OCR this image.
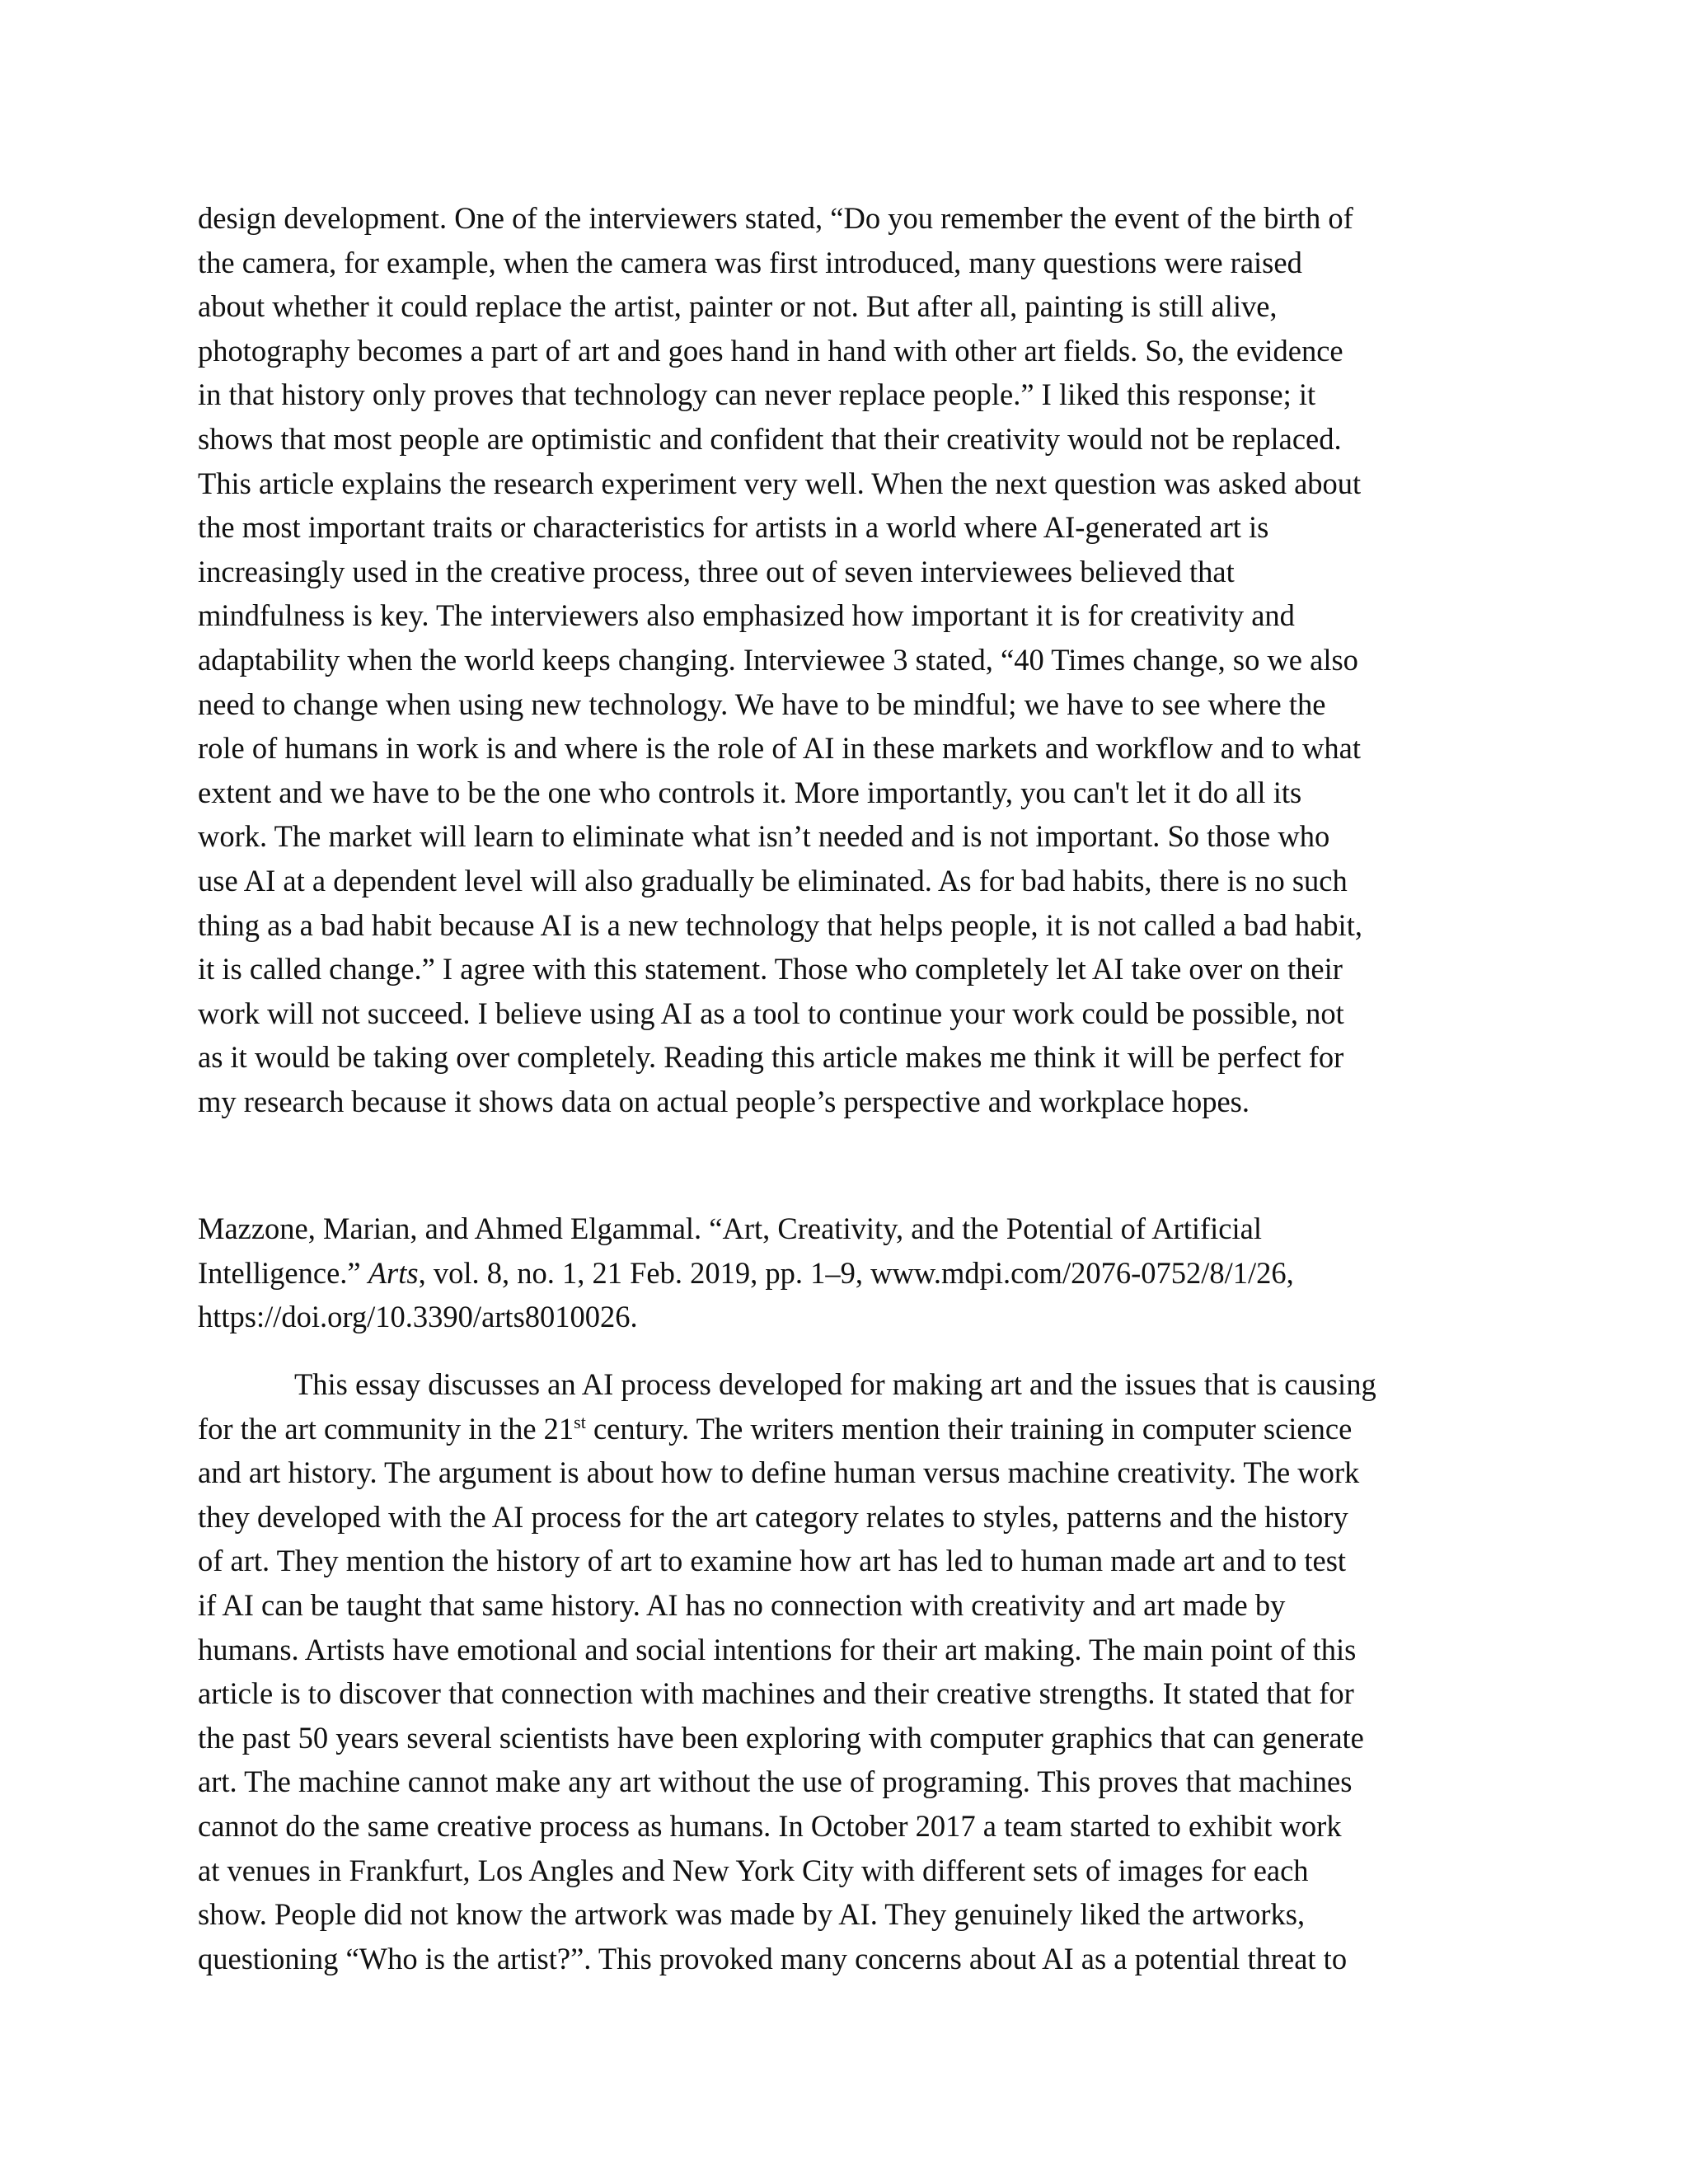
design development. One of the interviewers stated, “Do you remember the event of the birth of
the camera, for example, when the camera was first introduced, many questions were raised
about whether it could replace the artist, painter or not. But after all, painting is still alive,
photography becomes a part of art and goes hand in hand with other art fields. So, the evidence
in that history only proves that technology can never replace people.” I liked this response; it
shows that most people are optimistic and confident that their creativity would not be replaced.
This article explains the research experiment very well. When the next question was asked about
the most important traits or characteristics for artists in a world where AI-generated art is
increasingly used in the creative process, three out of seven interviewees believed that
mindfulness is key. The interviewers also emphasized how important it is for creativity and
adaptability when the world keeps changing. Interviewee 3 stated, “40 Times change, so we also
need to change when using new technology. We have to be mindful; we have to see where the
role of humans in work is and where is the role of AI in these markets and workflow and to what
extent and we have to be the one who controls it. More importantly, you can't let it do all its
work. The market will learn to eliminate what isn’t needed and is not important. So those who
use AI at a dependent level will also gradually be eliminated. As for bad habits, there is no such
thing as a bad habit because AI is a new technology that helps people, it is not called a bad habit,
it is called change.” I agree with this statement. Those who completely let AI take over on their
work will not succeed. I believe using AI as a tool to continue your work could be possible, not
as it would be taking over completely. Reading this article makes me think it will be perfect for
my research because it shows data on actual people’s perspective and workplace hopes.

Mazzone, Marian, and Ahmed Elgammal. “Art, Creativity, and the Potential of Artificial
Intelligence.” Arts, vol. 8, no. 1, 21 Feb. 2019, pp. 1–9, www.mdpi.com/2076-0752/8/1/26,
https://doi.org/10.3390/arts8010026.

This essay discusses an AI process developed for making art and the issues that is causing
for the art community in the 21st century. The writers mention their training in computer science
and art history. The argument is about how to define human versus machine creativity. The work
they developed with the AI process for the art category relates to styles, patterns and the history
of art. They mention the history of art to examine how art has led to human made art and to test
if AI can be taught that same history. AI has no connection with creativity and art made by
humans. Artists have emotional and social intentions for their art making. The main point of this
article is to discover that connection with machines and their creative strengths. It stated that for
the past 50 years several scientists have been exploring with computer graphics that can generate
art. The machine cannot make any art without the use of programing. This proves that machines
cannot do the same creative process as humans. In October 2017 a team started to exhibit work
at venues in Frankfurt, Los Angles and New York City with different sets of images for each
show. People did not know the artwork was made by AI. They genuinely liked the artworks,
questioning “Who is the artist?”. This provoked many concerns about AI as a potential threat to
